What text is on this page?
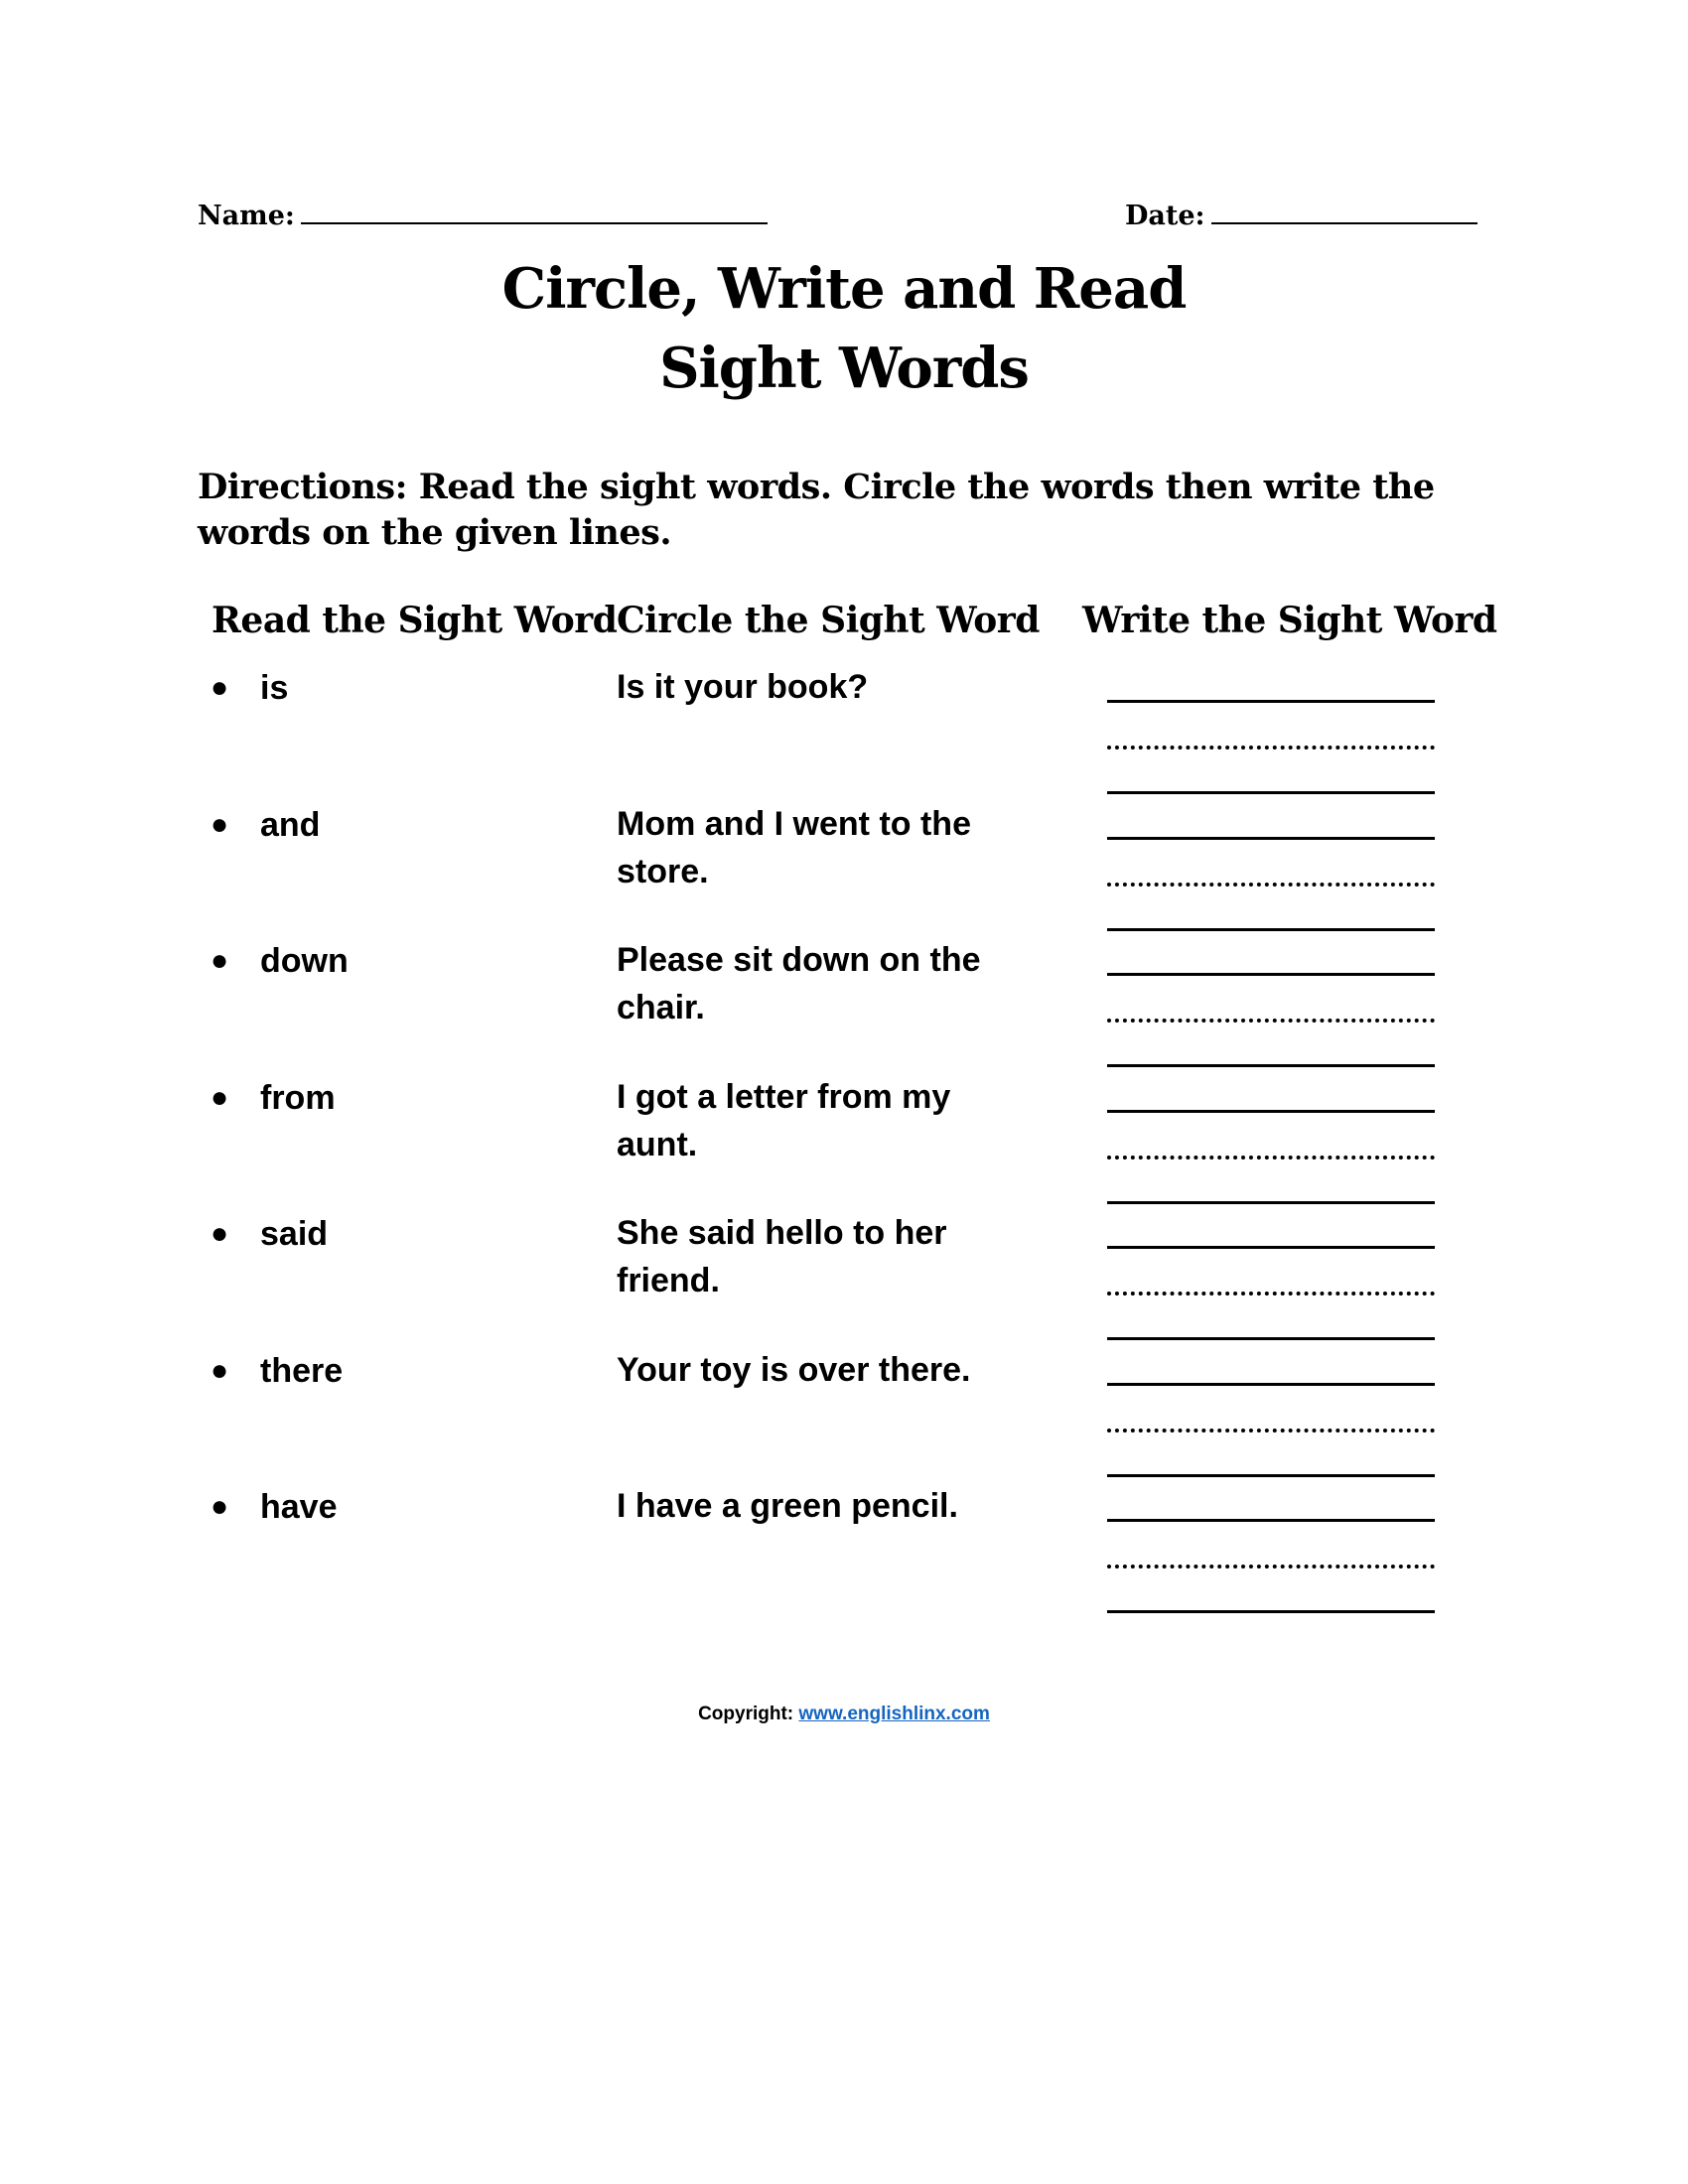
Name:	Date:
Circle, Write and Read
Sight Words
Directions: Read the sight words. Circle the words then write the words on the given lines.
Read the Sight Word Circle the Sight Word Write the Sight Word
● is	Is it your book?
● and	Mom and I went to the store.
● down	Please sit down on the chair.
● from	I got a letter from my aunt.
● said	She said hello to her friend.
● there	Your toy is over there.
● have	I have a green pencil.
Copyright: www.englishlinx.com
